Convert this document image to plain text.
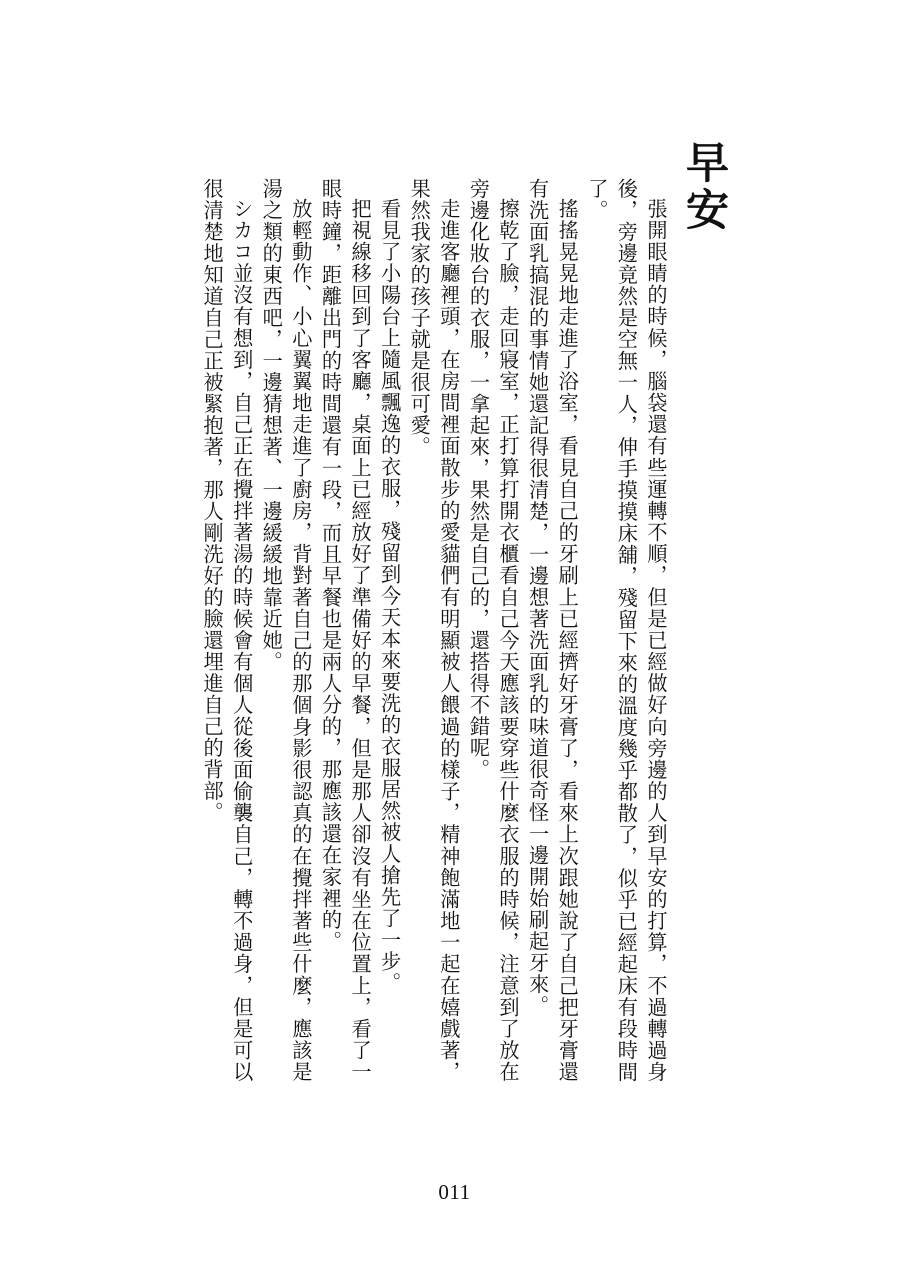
早安

張開眼睛的時候，腦袋還有些運轉不順，但是已經做好向旁邊的人到早安的打算，不過轉過身後，旁邊竟然是空無一人，伸手摸摸床舖，殘留下來的溫度幾乎都散了，似乎已經起床有段時間了。

搖搖晃晃地走進了浴室，看見自己的牙刷上已經擠好牙膏了，看來上次跟她說了自己把牙膏還有洗面乳搞混的事情她還記得很清楚，一邊想著洗面乳的味道很奇怪一邊開始刷起牙來。

擦乾了臉，走回寢室，正打算打開衣櫃看自己今天應該要穿些什麼衣服的時候，注意到了放在旁邊化妝台的衣服，一拿起來，果然是自己的，還搭得不錯呢。

走進客廳裡頭，在房間裡面散步的愛貓們有明顯被人餵過的樣子，精神飽滿地一起在嬉戲著，果然我家的孩子就是很可愛。

看見了小陽台上隨風飄逸的衣服，殘留到今天本來要洗的衣服居然被人搶先了一步。

把視線移回到了客廳，桌面上已經放好了準備好的早餐，但是那人卻沒有坐在位置上，看了一眼時鐘，距離出門的時間還有一段，而且早餐也是兩人分的，那應該還在家裡的。

放輕動作、小心翼翼地走進了廚房，背對著自己的那個身影很認真的在攪拌著些什麼，應該是湯之類的東西吧，一邊猜想著、一邊緩緩地靠近她。

シカコ並沒有想到，自己正在攪拌著湯的時候會有個人從後面偷襲自己，轉不過身，但是可以很清楚地知道自己正被緊抱著，那人剛洗好的臉還埋進自己的背部。

011
